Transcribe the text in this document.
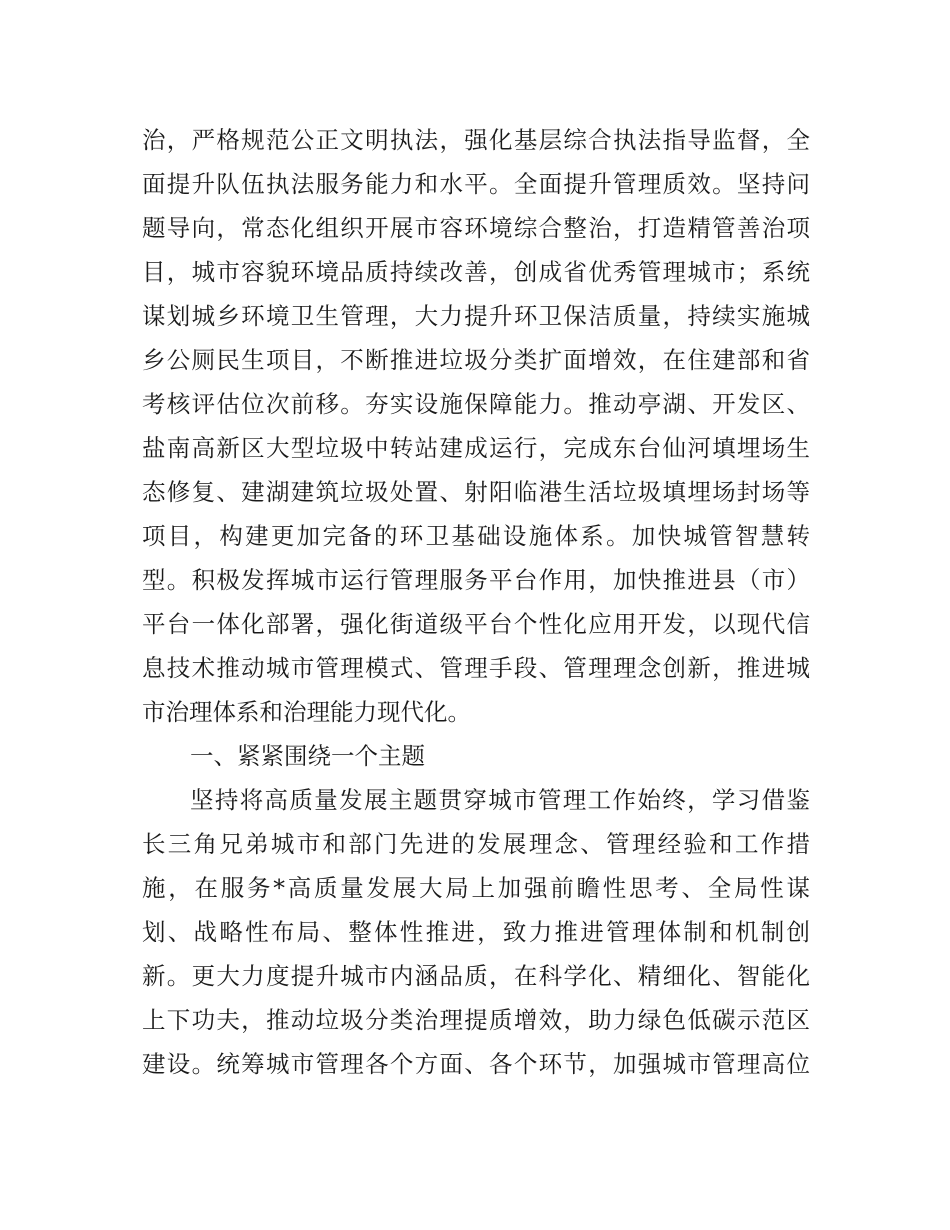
治，严格规范公正文明执法，强化基层综合执法指导监督，全
面提升队伍执法服务能力和水平。全面提升管理质效。坚持问
题导向，常态化组织开展市容环境综合整治，打造精管善治项
目，城市容貌环境品质持续改善，创成省优秀管理城市；系统
谋划城乡环境卫生管理，大力提升环卫保洁质量，持续实施城
乡公厕民生项目，不断推进垃圾分类扩面增效，在住建部和省
考核评估位次前移。夯实设施保障能力。推动亭湖、开发区、
盐南高新区大型垃圾中转站建成运行，完成东台仙河填埋场生
态修复、建湖建筑垃圾处置、射阳临港生活垃圾填埋场封场等
项目，构建更加完备的环卫基础设施体系。加快城管智慧转
型。积极发挥城市运行管理服务平台作用，加快推进县（市）
平台一体化部署，强化街道级平台个性化应用开发，以现代信
息技术推动城市管理模式、管理手段、管理理念创新，推进城
市治理体系和治理能力现代化。
一、紧紧围绕一个主题
坚持将高质量发展主题贯穿城市管理工作始终，学习借鉴
长三角兄弟城市和部门先进的发展理念、管理经验和工作措
施，在服务*高质量发展大局上加强前瞻性思考、全局性谋
划、战略性布局、整体性推进，致力推进管理体制和机制创
新。更大力度提升城市内涵品质，在科学化、精细化、智能化
上下功夫，推动垃圾分类治理提质增效，助力绿色低碳示范区
建设。统筹城市管理各个方面、各个环节，加强城市管理高位
